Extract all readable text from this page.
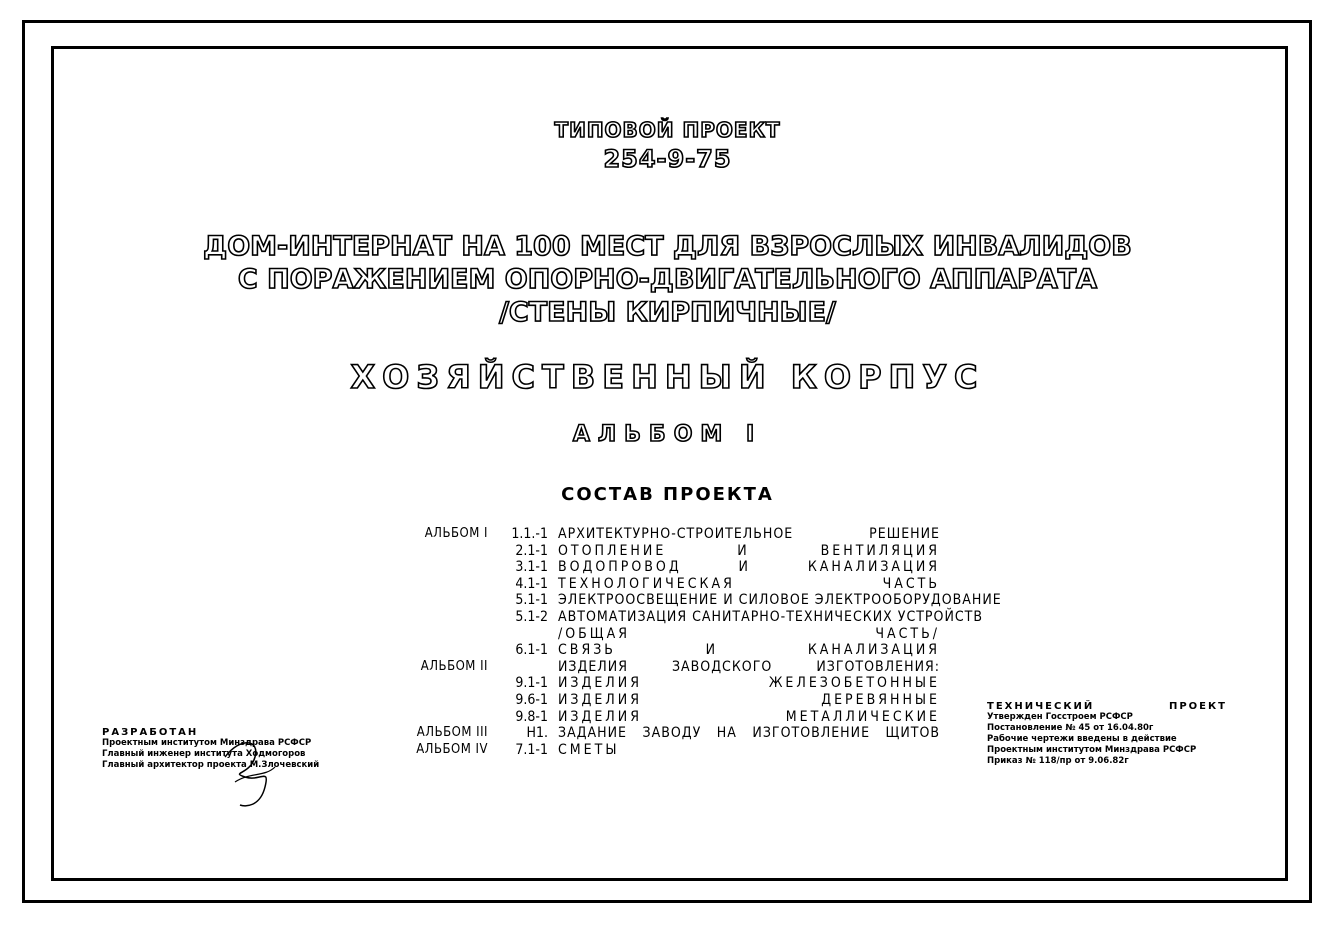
ТИПОВОЙ ПРОЕКТ
254-9-75
ДОМ-ИНТЕРНАТ НА 100 МЕСТ ДЛЯ ВЗРОСЛЫХ ИНВАЛИДОВ
С ПОРАЖЕНИЕМ ОПОРНО-ДВИГАТЕЛЬНОГО АППАРАТА
/СТЕНЫ КИРПИЧНЫЕ/
ХОЗЯЙСТВЕННЫЙ КОРПУС
АЛЬБОМ I
СОСТАВ ПРОЕКТА
АЛЬБОМ I	1.1.-1 АРХИТЕКТУРНО-СТРОИТЕЛЬНОЕ РЕШЕНИЕ
2.1-1 ОТОПЛЕНИЕ И ВЕНТИЛЯЦИЯ
3.1-1 ВОДОПРОВОД И КАНАЛИЗАЦИЯ
4.1-1 ТЕХНОЛОГИЧЕСКАЯ ЧАСТЬ
5.1-1 ЭЛЕКТРООСВЕЩЕНИЕ И СИЛОВОЕ ЭЛЕКТРООБОРУДОВАНИЕ
5.1-2 АВТОМАТИЗАЦИЯ САНИТАРНО-ТЕХНИЧЕСКИХ УСТРОЙСТВ
/ОБЩАЯ ЧАСТЬ/
6.1-1 СВЯЗЬ И КАНАЛИЗАЦИЯ
АЛЬБОМ II	ИЗДЕЛИЯ ЗАВОДСКОГО ИЗГОТОВЛЕНИЯ:
9.1-1 ИЗДЕЛИЯ ЖЕЛЕЗОБЕТОННЫЕ
9.6-1 ИЗДЕЛИЯ ДЕРЕВЯННЫЕ
9.8-1 ИЗДЕЛИЯ МЕТАЛЛИЧЕСКИЕ
АЛЬБОМ III	Н1. ЗАДАНИЕ ЗАВОДУ НА ИЗГОТОВЛЕНИЕ ЩИТОВ
АЛЬБОМ IV	7.1-1 СМЕТЫ
РАЗРАБОТАН
Проектным институтом Минздрава РСФСР
Главный инженер института Ходмогоров
Главный архитектор проекта М.Злочевский
ТЕХНИЧЕСКИЙ ПРОЕКТ
Утвержден Госстроем РСФСР
Постановление № 45 от 16.04.80г
Рабочие чертежи введены в действие
Проектным институтом Минздрава РСФСР
Приказ № 118/пр от 9.06.82г
